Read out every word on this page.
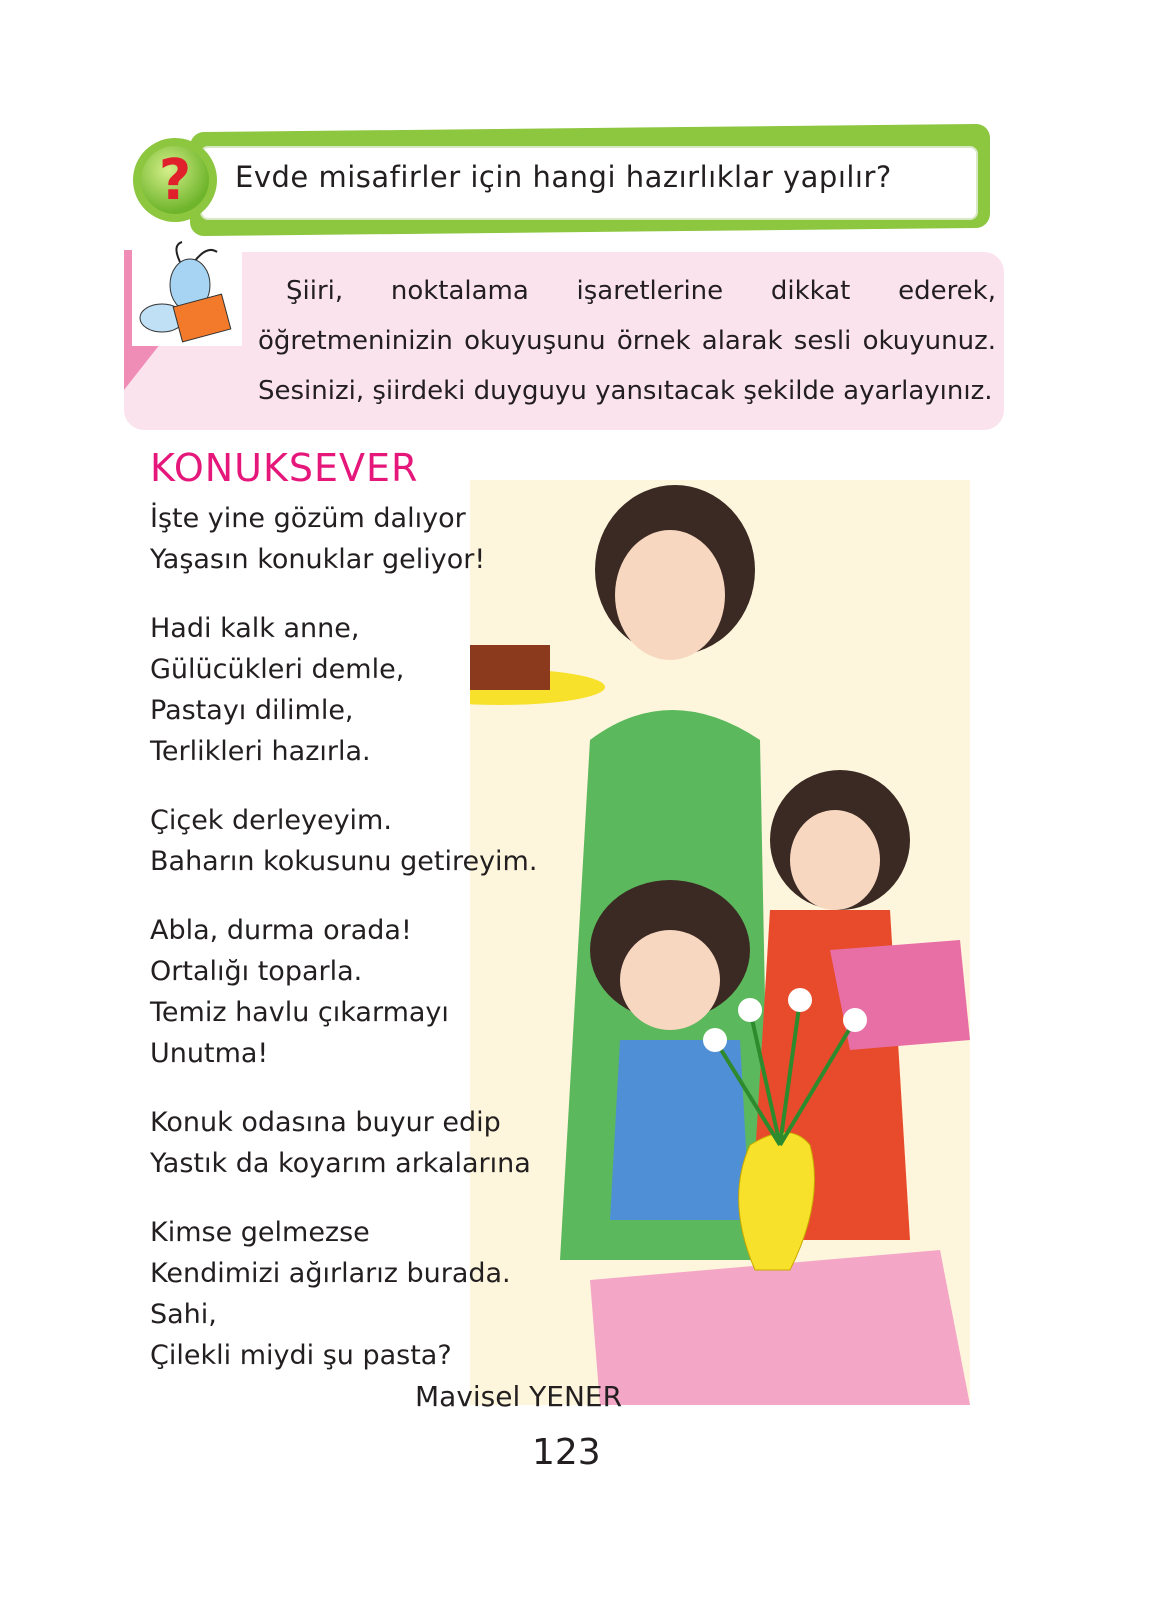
?	Evde misafirler için hangi hazırlıklar yapılır?
Şiiri, noktalama işaretlerine dikkat ederek, öğretmeninizin okuyuşunu örnek alarak sesli okuyunuz. Sesinizi, şiirdeki duyguyu yansıtacak şekilde ayarlayınız.
KONUKSEVER
İşte yine gözüm dalıyor
Yaşasın konuklar geliyor!
Hadi kalk anne,
Gülücükleri demle,
Pastayı dilimle,
Terlikleri hazırla.
Çiçek derleyeyim.
Baharın kokusunu getireyim.
Abla, durma orada!
Ortalığı toparla.
Temiz havlu çıkarmayı
Unutma!
Konuk odasına buyur edip
Yastık da koyarım arkalarına
Kimse gelmezse
Kendimizi ağırlarız burada.
Sahi,
Çilekli miydi şu pasta?
Mavisel YENER
123
